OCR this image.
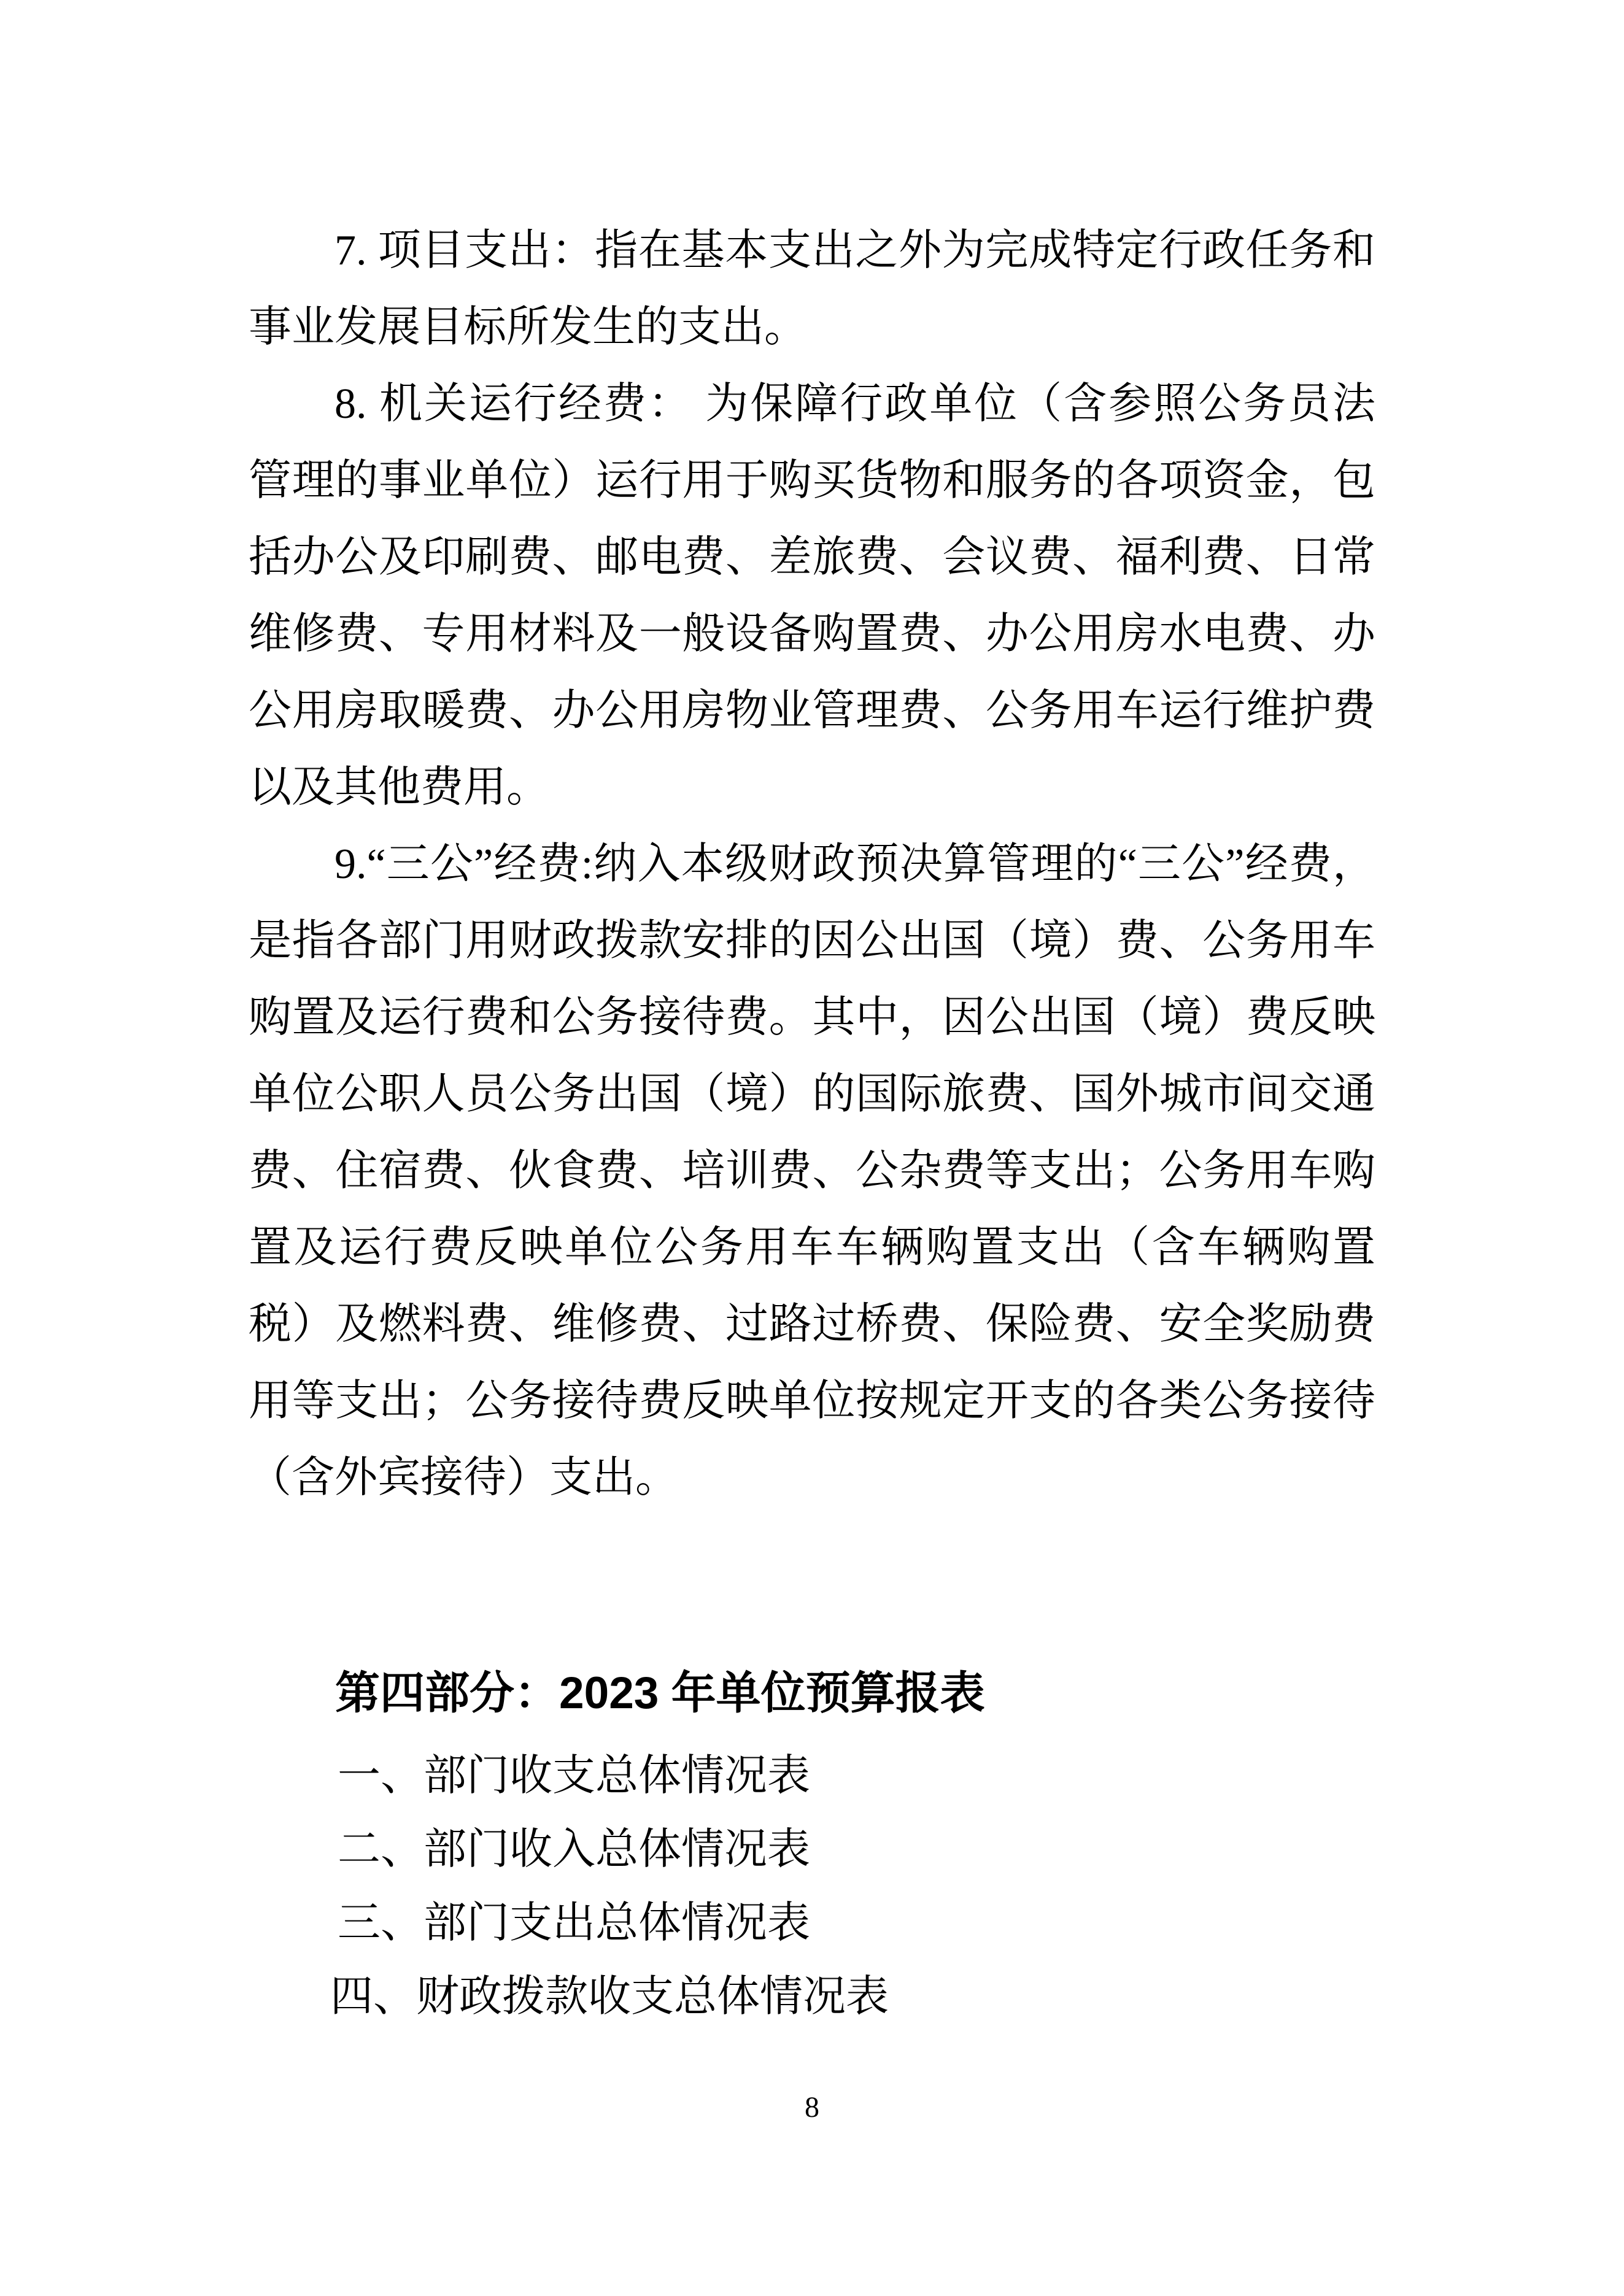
7. 项目支出：指在基本支出之外为完成特定行政任务和事业发展目标所发生的支出。

8. 机关运行经费： 为保障行政单位（含参照公务员法管理的事业单位）运行用于购买货物和服务的各项资金，包括办公及印刷费、邮电费、差旅费、会议费、福利费、日常维修费、专用材料及一般设备购置费、办公用房水电费、办公用房取暖费、办公用房物业管理费、公务用车运行维护费以及其他费用。

9.“三公”经费:纳入本级财政预决算管理的“三公”经费，是指各部门用财政拨款安排的因公出国（境）费、公务用车购置及运行费和公务接待费。其中，因公出国（境）费反映单位公职人员公务出国（境）的国际旅费、国外城市间交通费、住宿费、伙食费、培训费、公杂费等支出；公务用车购置及运行费反映单位公务用车车辆购置支出（含车辆购置税）及燃料费、维修费、过路过桥费、保险费、安全奖励费用等支出；公务接待费反映单位按规定开支的各类公务接待（含外宾接待）支出。

第四部分：2023 年单位预算报表
一、部门收支总体情况表
二、部门收入总体情况表
三、部门支出总体情况表
四、财政拨款收支总体情况表
8
